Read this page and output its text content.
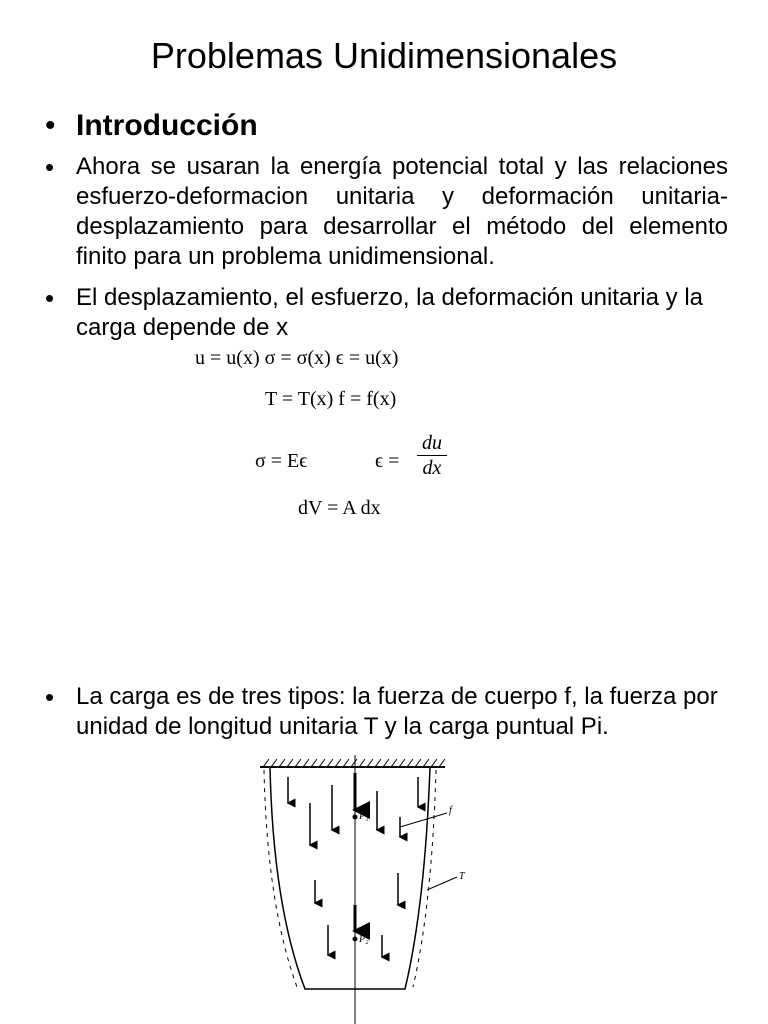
Problemas Unidimensionales
• Introducción
• Ahora se usaran la energía potencial total y las relaciones esfuerzo-deformacion unitaria y deformación unitaria-desplazamiento para desarrollar el método del elemento finito para un problema unidimensional.
• El desplazamiento, el esfuerzo, la deformación unitaria y la carga depende de x
u = u(x) σ = σ(x) ϵ = u(x)
T = T(x) f = f(x)
σ = Eϵ	$\epsilon = \frac{du}{dx}$
dV = A dx
• La carga es de tres tipos: la fuerza de cuerpo f, la fuerza por unidad de longitud unitaria T y la carga puntual Pi.
P₁
P₂
f
T
